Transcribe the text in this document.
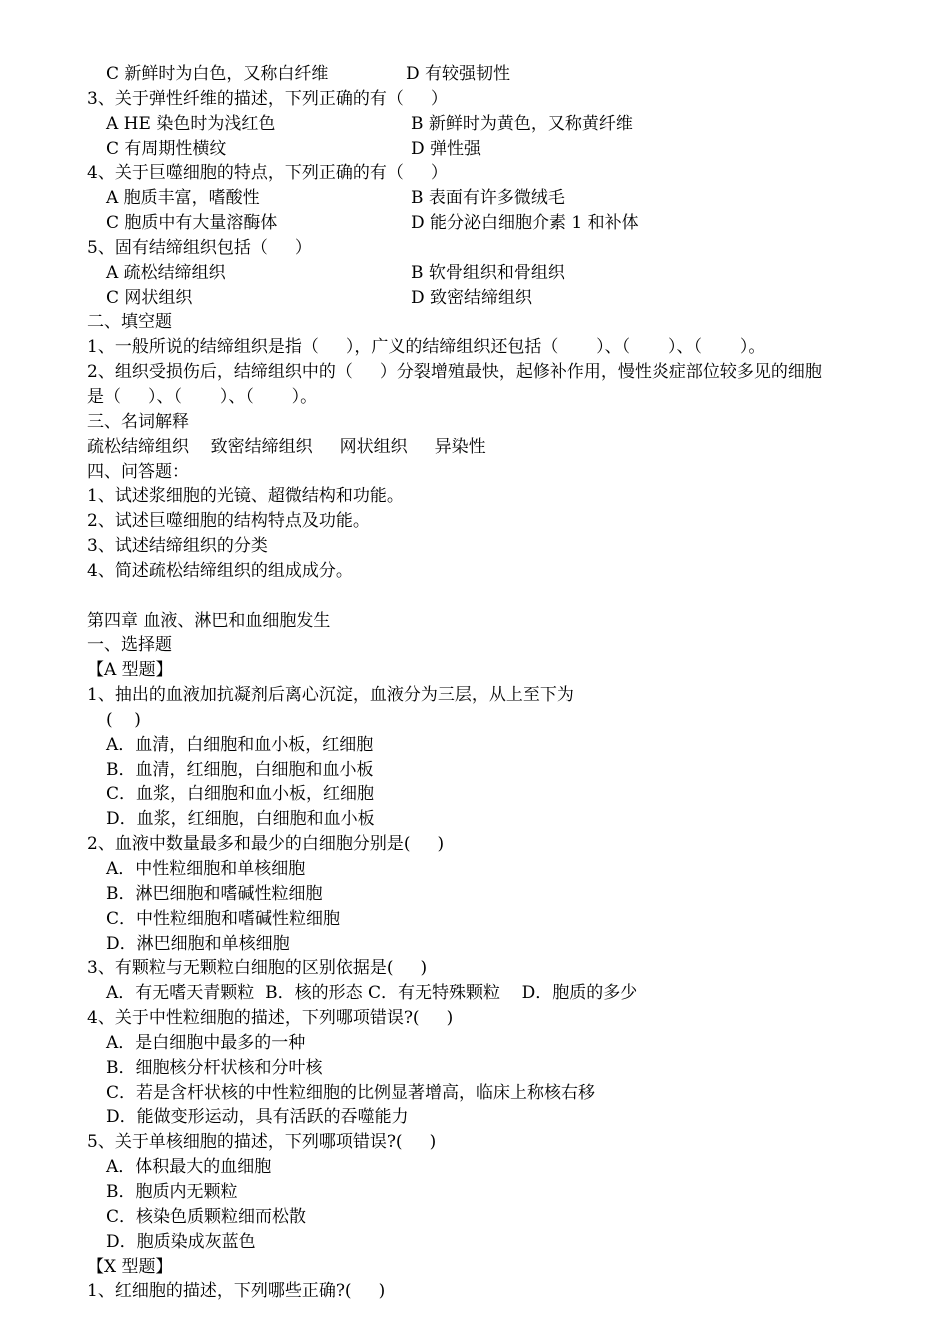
C 新鲜时为白色，又称白纤维	D 有较强韧性
3、关于弹性纤维的描述，下列正确的有（     ）
A HE 染色时为浅红色	B 新鲜时为黄色，又称黄纤维
C 有周期性横纹	D 弹性强
4、关于巨噬细胞的特点，下列正确的有（     ）
A 胞质丰富，嗜酸性	B 表面有许多微绒毛
C 胞质中有大量溶酶体	D 能分泌白细胞介素 1 和补体
5、固有结缔组织包括（     ）
A 疏松结缔组织	B 软骨组织和骨组织
C 网状组织	D 致密结缔组织
二、填空题
1、一般所说的结缔组织是指（     ），广义的结缔组织还包括（       ）、（       ）、（       ）。
2、组织受损伤后，结缔组织中的（     ）分裂增殖最快，起修补作用，慢性炎症部位较多见的细胞
是（     ）、（       ）、（       ）。
三、名词解释
疏松结缔组织    致密结缔组织     网状组织     异染性
四、问答题：
1、试述浆细胞的光镜、超微结构和功能。
2、试述巨噬细胞的结构特点及功能。
3、试述结缔组织的分类
4、简述疏松结缔组织的组成成分。
第四章 血液、淋巴和血细胞发生
一、选择题
【A 型题】
1、抽出的血液加抗凝剂后离心沉淀，血液分为三层，从上至下为
(    )
A．血清，白细胞和血小板，红细胞
B．血清，红细胞，白细胞和血小板
C．血浆，白细胞和血小板，红细胞
D．血浆，红细胞，白细胞和血小板
2、血液中数量最多和最少的白细胞分别是(     )
A．中性粒细胞和单核细胞
B．淋巴细胞和嗜碱性粒细胞
C．中性粒细胞和嗜碱性粒细胞
D．淋巴细胞和单核细胞
3、有颗粒与无颗粒白细胞的区别依据是(     )
A．有无嗜天青颗粒  B．核的形态 C．有无特殊颗粒    D．胞质的多少
4、关于中性粒细胞的描述，下列哪项错误?(     )
A．是白细胞中最多的一种
B．细胞核分杆状核和分叶核
C．若是含杆状核的中性粒细胞的比例显著增高，临床上称核右移
D．能做变形运动，具有活跃的吞噬能力
5、关于单核细胞的描述，下列哪项错误?(     )
A．体积最大的血细胞
B．胞质内无颗粒
C．核染色质颗粒细而松散
D．胞质染成灰蓝色
【X 型题】
1、红细胞的描述，下列哪些正确?(     )
